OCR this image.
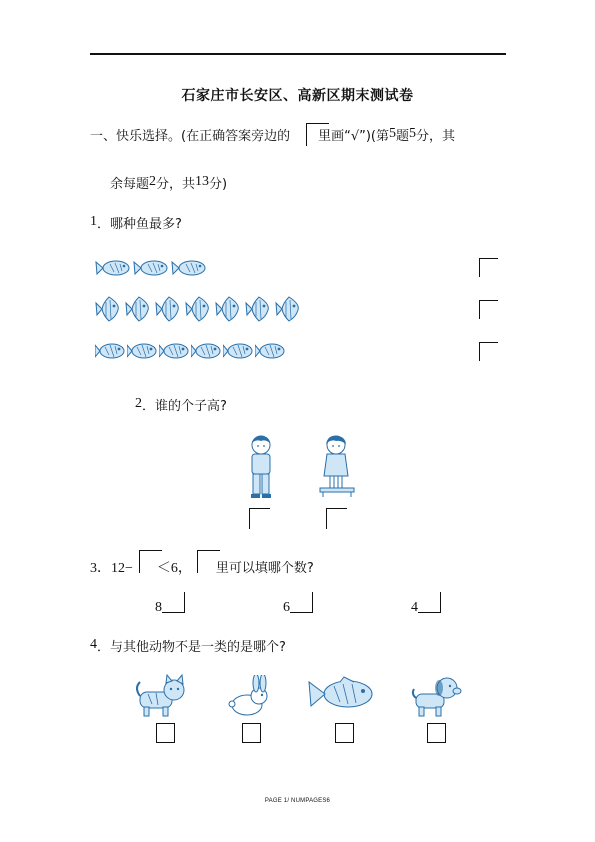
石家庄市长安区、高新区期末测试卷
一、快乐选择。(在正确答案旁边的 里画“√”)(第5题5分，其
余每题2分，共13分)
1．哪种鱼最多?
2．谁的个子高?
3．12− ＜6， 里可以填哪个数?
8	6	4
4．与其他动物不是一类的是哪个?
PAGE 1/ NUMPAGES6
